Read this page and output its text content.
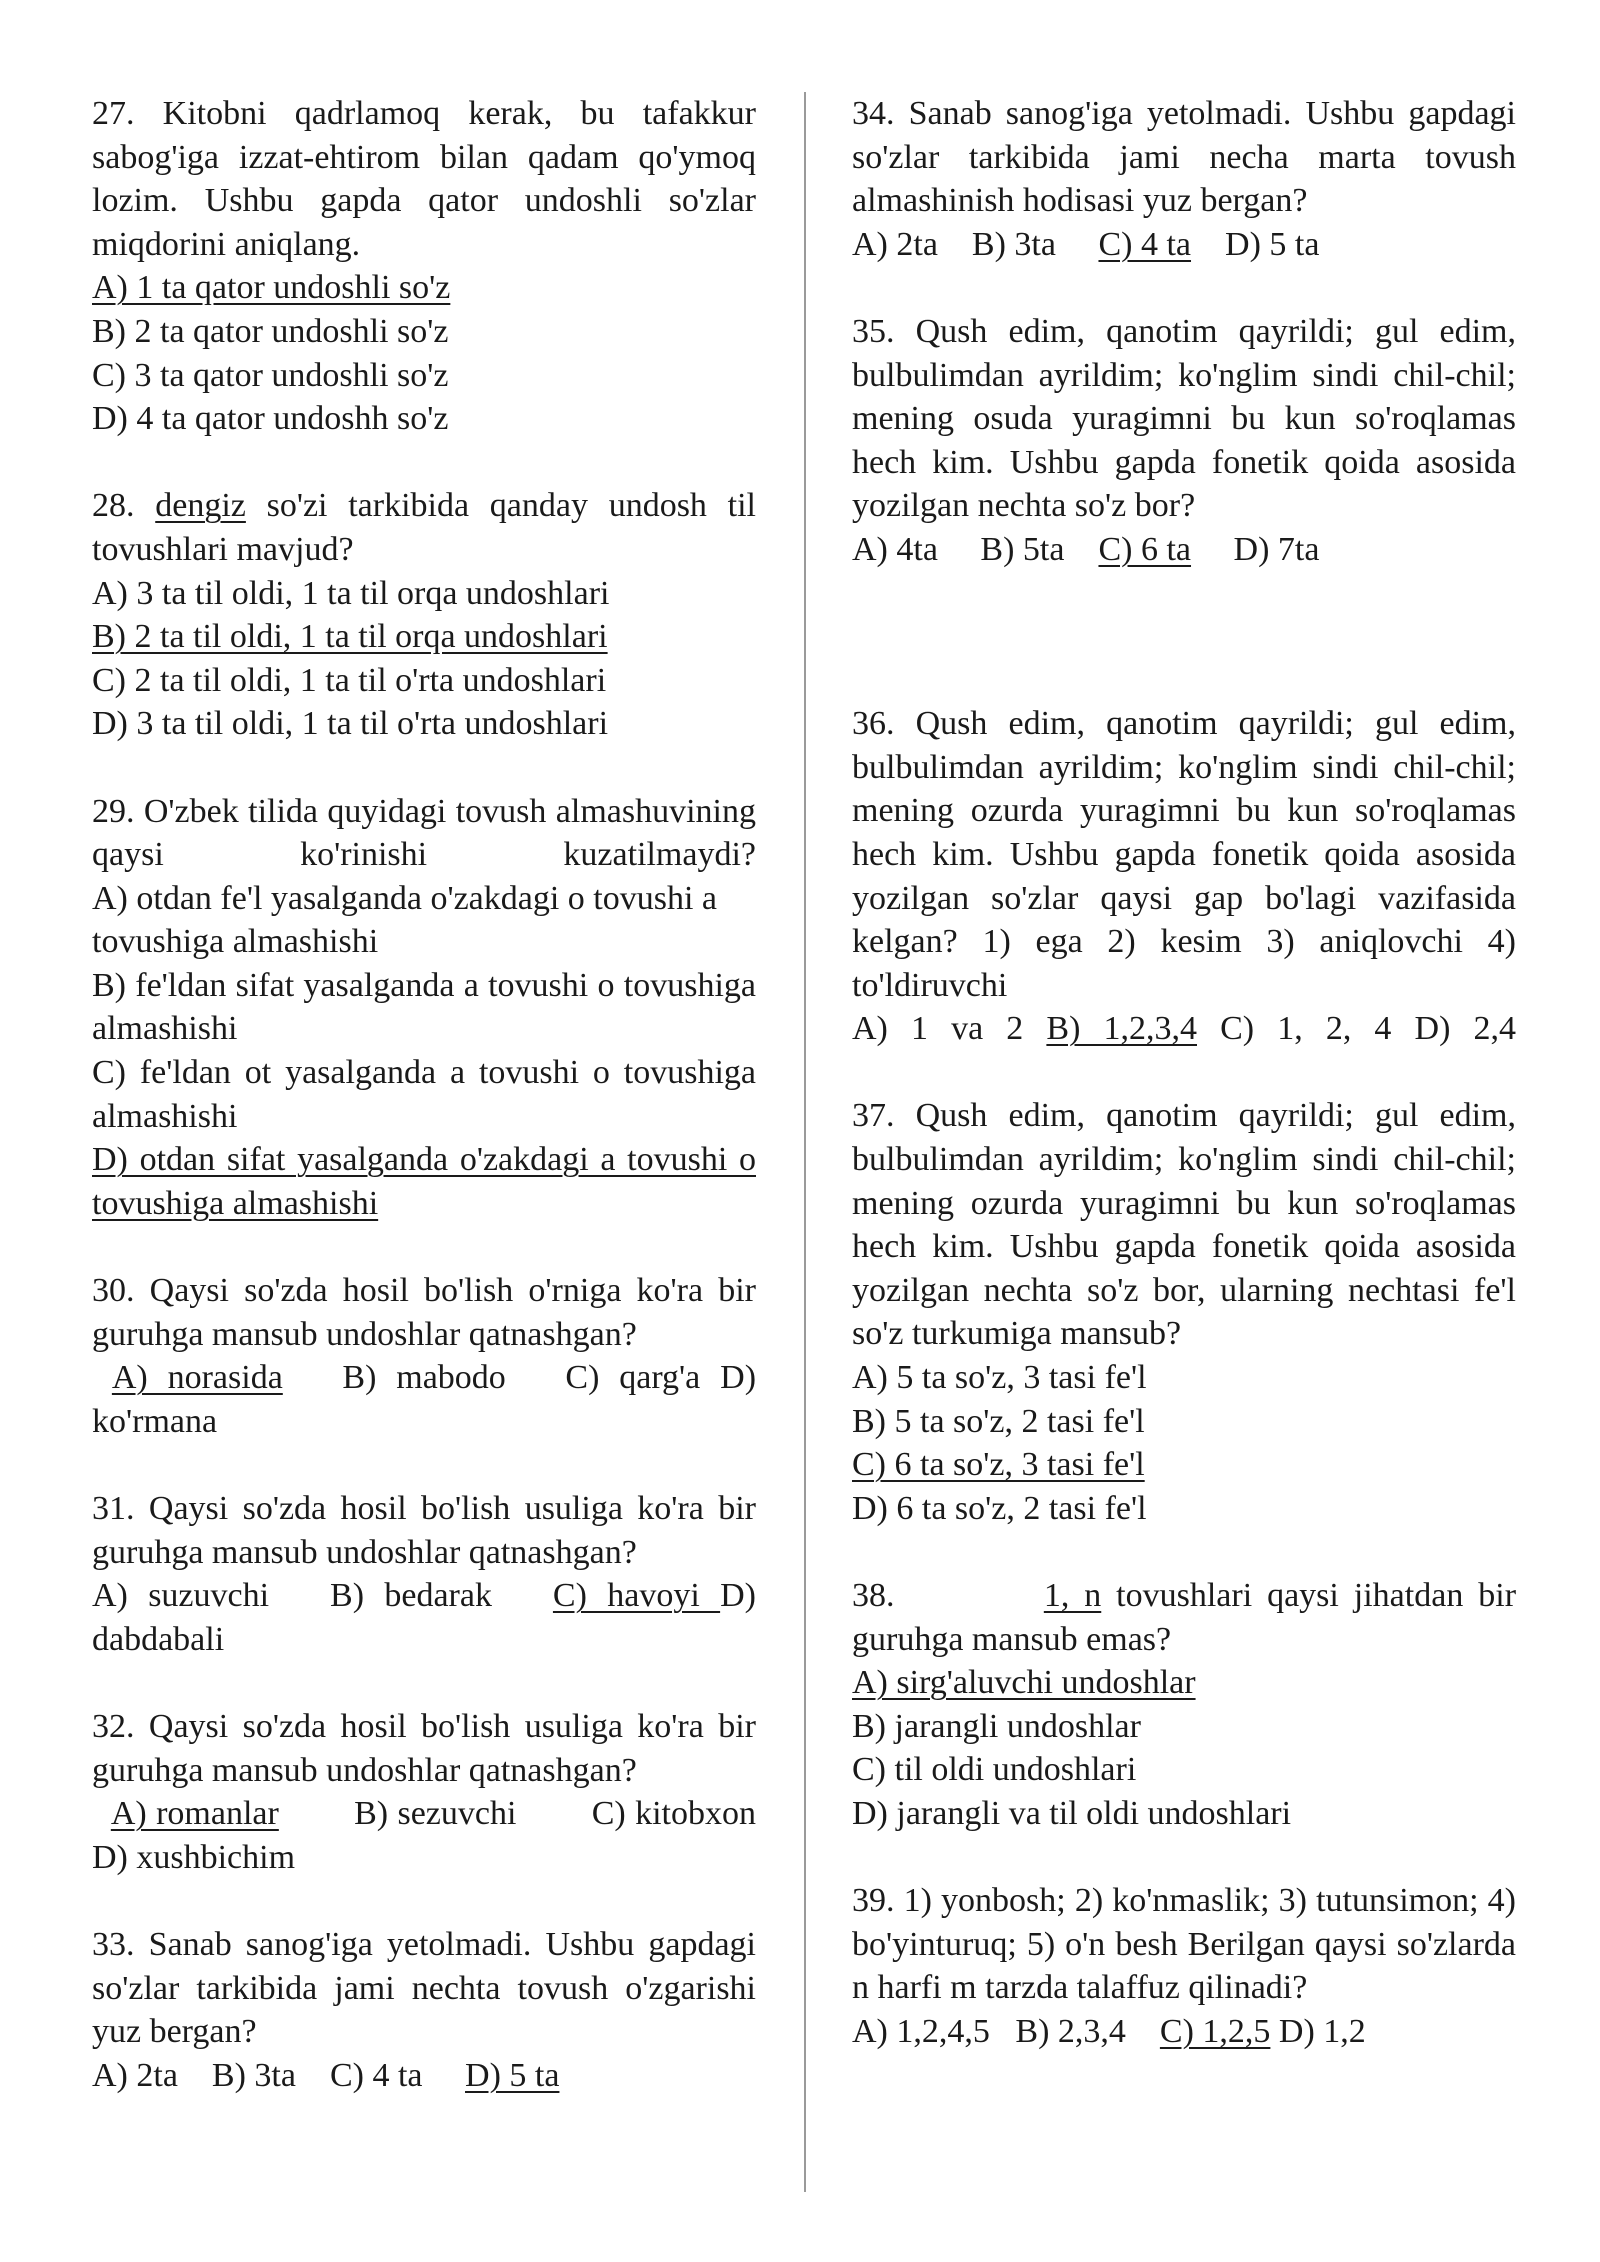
27. Kitobni qadrlamoq kerak, bu tafakkur sabog'iga izzat-ehtirom bilan qadam qo'ymoq lozim. Ushbu gapda qator undoshli so'zlar miqdorini aniqlang.
A) 1 ta qator undoshli so'z
B) 2 ta qator undoshli so'z
C) 3 ta qator undoshli so'z
D) 4 ta qator undoshh so'z
28. dengiz so'zi tarkibida qanday undosh til tovushlari mavjud?
A) 3 ta til oldi, 1 ta til orqa undoshlari
B) 2 ta til oldi, 1 ta til orqa undoshlari
C) 2 ta til oldi, 1 ta til o'rta undoshlari
D) 3 ta til oldi, 1 ta til o'rta undoshlari
29. O'zbek tilida quyidagi tovush almashuvining qaysi ko'rinishi kuzatilmaydi?
A) otdan fe'l yasalganda o'zakdagi o tovushi a tovushiga almashishi
B) fe'ldan sifat yasalganda a tovushi o tovushiga almashishi
C) fe'ldan ot yasalganda a tovushi o tovushiga almashishi
D) otdan sifat yasalganda o'zakdagi a tovushi o tovushiga almashishi
30. Qaysi so'zda hosil bo'lish o'rniga ko'ra bir guruhga mansub undoshlar qatnashgan?
A) norasida B) mabodo C) qarg'a D) ko'rmana
31. Qaysi so'zda hosil bo'lish usuliga ko'ra bir guruhga mansub undoshlar qatnashgan?
A) suzuvchi B) bedarak C) havoyi D) dabdabali
32. Qaysi so'zda hosil bo'lish usuliga ko'ra bir guruhga mansub undoshlar qatnashgan?
A) romanlar B) sezuvchi C) kitobxon D) xushbichim
33. Sanab sanog'iga yetolmadi. Ushbu gapdagi so'zlar tarkibida jami nechta tovush o'zgarishi yuz bergan?
A) 2ta B) 3ta C) 4 ta D) 5 ta
34. Sanab sanog'iga yetolmadi. Ushbu gapdagi so'zlar tarkibida jami necha marta tovush almashinish hodisasi yuz bergan?
A) 2ta B) 3ta C) 4 ta D) 5 ta
35. Qush edim, qanotim qayrildi; gul edim, bulbulimdan ayrildim; ko'nglim sindi chil-chil; mening osuda yuragimni bu kun so'roqlamas hech kim. Ushbu gapda fonetik qoida asosida yozilgan nechta so'z bor?
A) 4ta B) 5ta C) 6 ta D) 7ta
36. Qush edim, qanotim qayrildi; gul edim, bulbulimdan ayrildim; ko'nglim sindi chil-chil; mening ozurda yuragimni bu kun so'roqlamas hech kim. Ushbu gapda fonetik qoida asosida yozilgan so'zlar qaysi gap bo'lagi vazifasida kelgan? 1) ega 2) kesim 3) aniqlovchi 4) to'ldiruvchi
A) 1 va 2 B) 1,2,3,4 C) 1, 2, 4 D) 2,4
37. Qush edim, qanotim qayrildi; gul edim, bulbulimdan ayrildim; ko'nglim sindi chil-chil; mening ozurda yuragimni bu kun so'roqlamas hech kim. Ushbu gapda fonetik qoida asosida yozilgan nechta so'z bor, ularning nechtasi fe'l so'z turkumiga mansub?
A) 5 ta so'z, 3 tasi fe'l
B) 5 ta so'z, 2 tasi fe'l
C) 6 ta so'z, 3 tasi fe'l
D) 6 ta so'z, 2 tasi fe'l
38.	1, n tovushlari qaysi jihatdan bir guruhga mansub emas?
A) sirg'aluvchi undoshlar
B) jarangli undoshlar
C) til oldi undoshlari
D) jarangli va til oldi undoshlari
39. 1) yonbosh; 2) ko'nmaslik; 3) tutunsimon; 4) bo'yinturuq; 5) o'n besh Berilgan qaysi so'zlarda n harfi m tarzda talaffuz qilinadi?
A) 1,2,4,5 B) 2,3,4 C) 1,2,5 D) 1,2
